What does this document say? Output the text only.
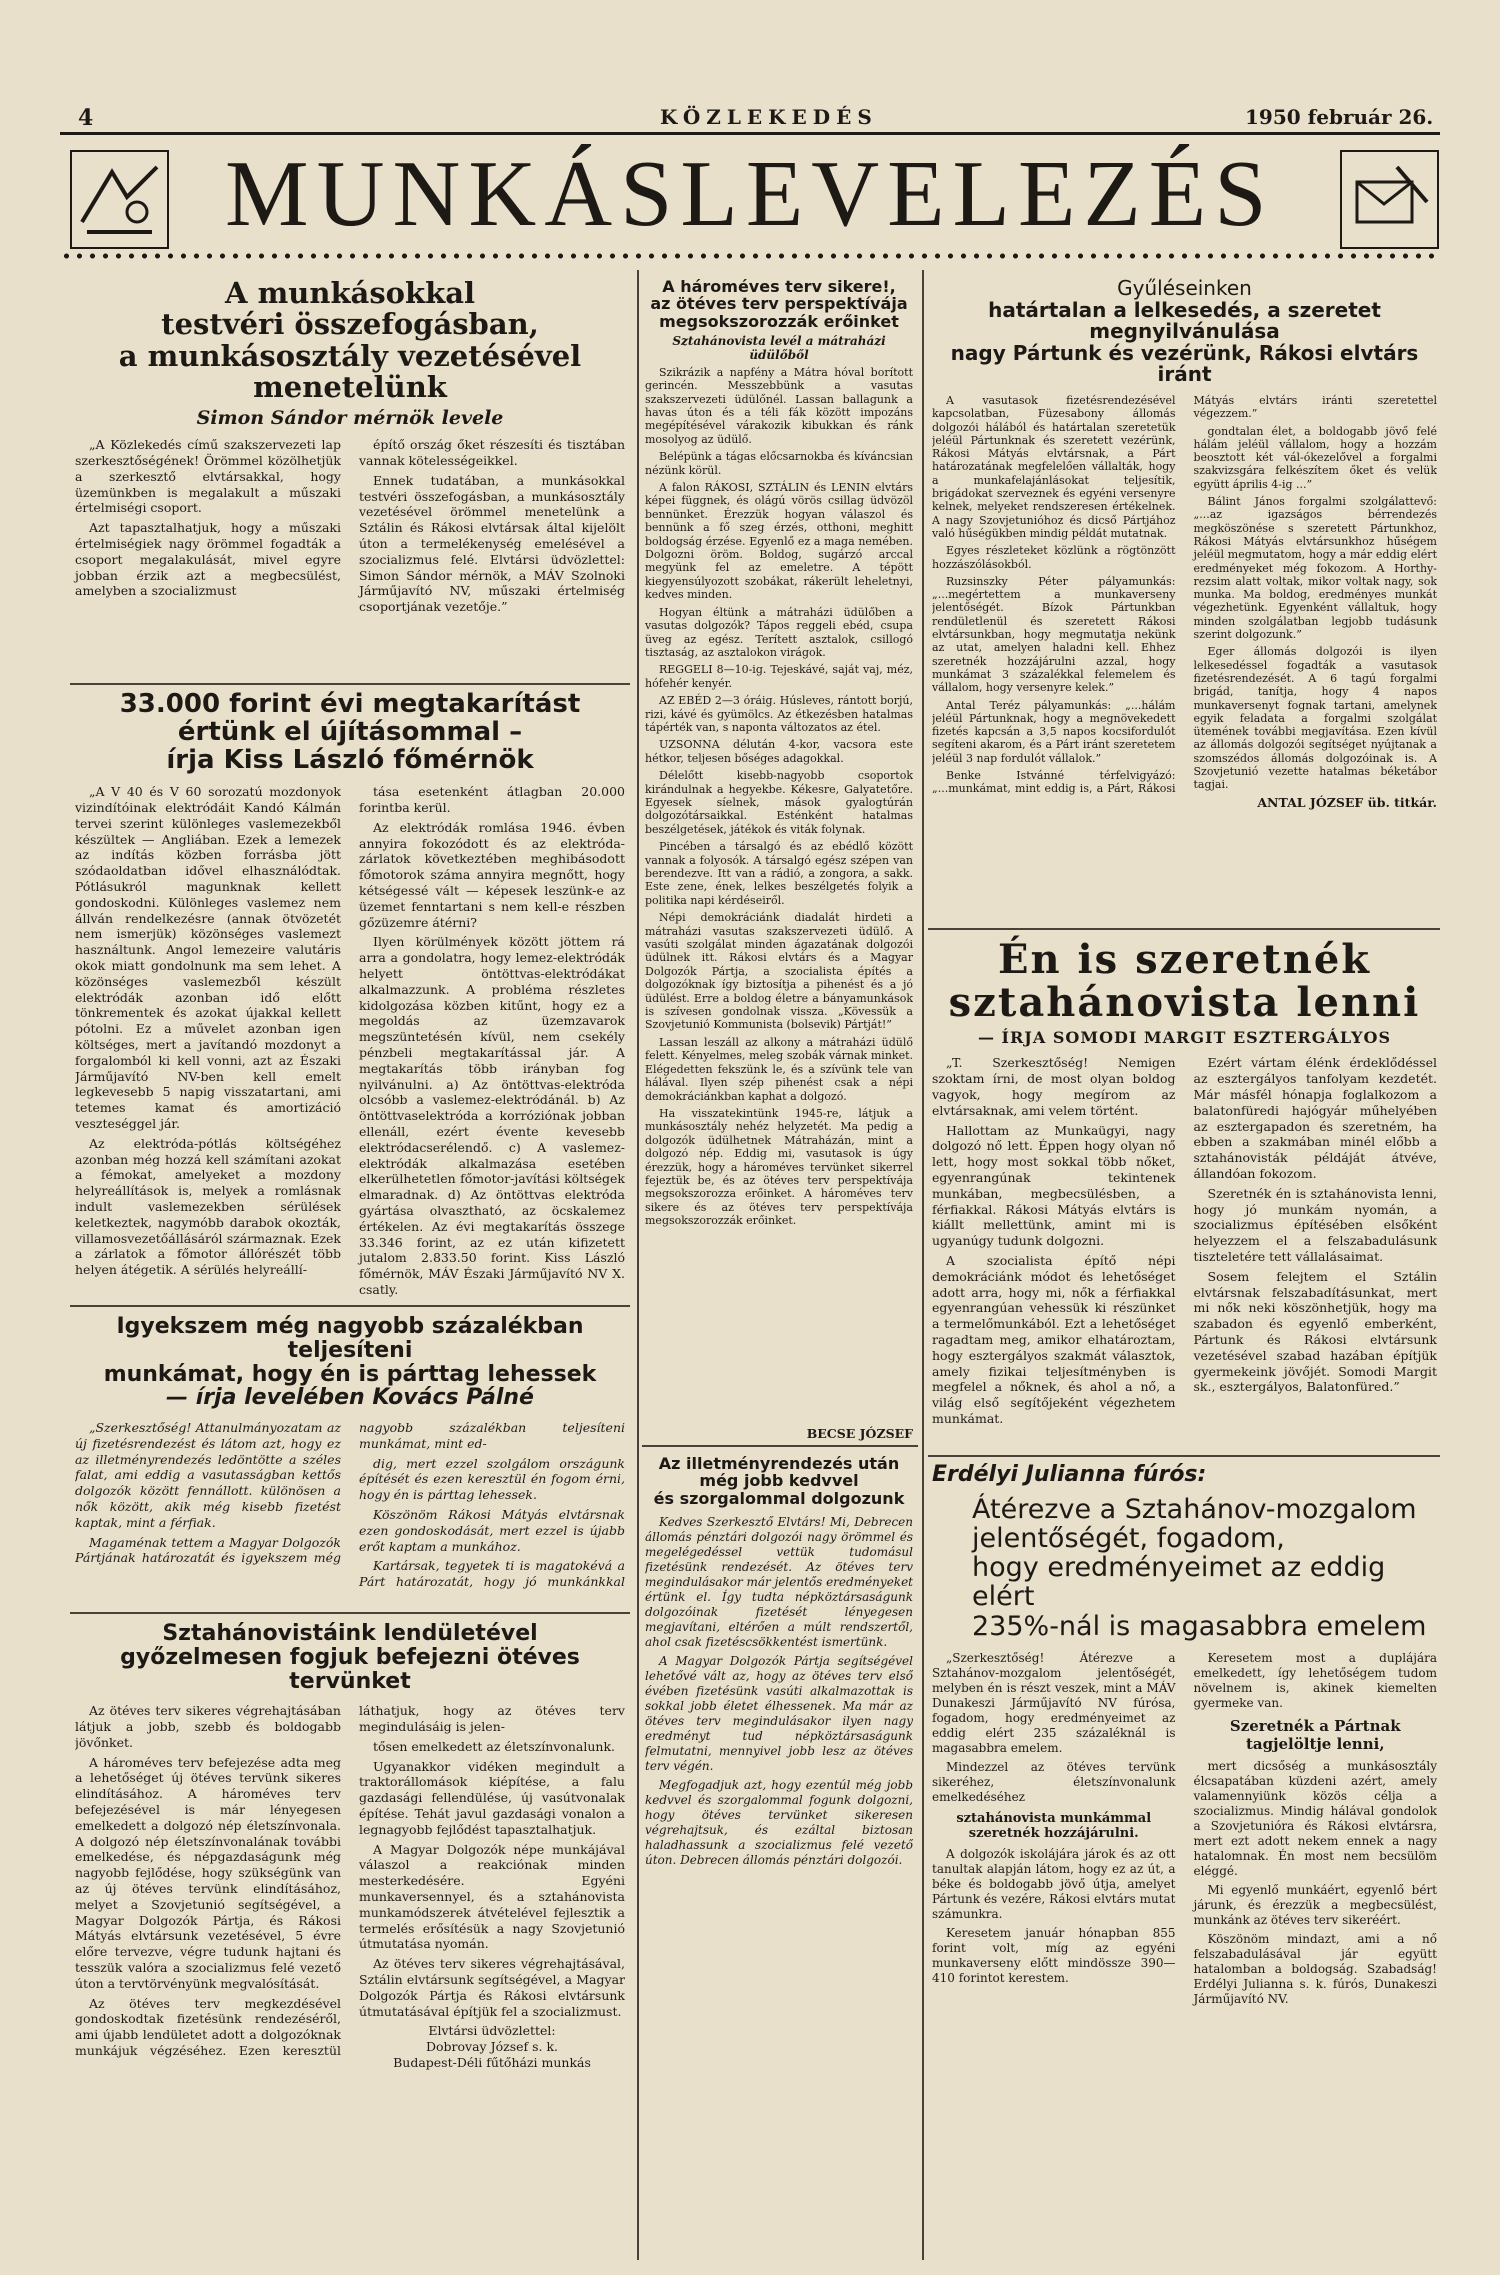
4	KÖZLEKEDÉS	1950 február 26.
MUNKÁSLEVELEZÉS
A munkásokkal
testvéri összefogásban,
a munkásosztály vezetésével
menetelünk
Simon Sándor mérnök levele

„A Közlekedés című szakszervezeti lap szerkesztőségének! Örömmel közölhetjük a szerkesztő elvtársakkal, hogy üzemünkben is megalakult a műszaki értelmiségi csoport.

Azt tapasztalhatjuk, hogy a műszaki értelmiségiek nagy örömmel fogadták a csoport megalakulását, mivel egyre jobban érzik azt a megbecsülést, amelyben a szocializmust

építő ország őket részesíti és tisztában vannak kötelességeikkel.

Ennek tudatában, a munkásokkal testvéri összefogásban, a munkásosztály vezetésével örömmel menetelünk a Sztálin és Rákosi elvtársak által kijelölt úton a termelékenység emelésével a szocializmus felé. Elvtársi üdvözlettel: Simon Sándor mérnök, a MÁV Szolnoki Járműjavító NV, műszaki értelmiség csoportjának vezetője.”

33.000 forint évi megtakarítást
értünk el újításommal –
írja Kiss László főmérnök

„A V 40 és V 60 sorozatú mozdonyok vizindítóinak elektródáit Kandó Kálmán tervei szerint különleges vaslemezekből készültek — Angliában. Ezek a lemezek az indítás közben forrásba jött szódaoldatban idővel elhasználódtak. Pótlásukról magunknak kellett gondoskodni. Különleges vaslemez nem állván rendelkezésre (annak ötvözetét nem ismerjük) közönséges vaslemezt használtunk. Angol lemezeire valutáris okok miatt gondolnunk ma sem lehet. A közönséges vaslemezből készült elektródák azonban idő előtt tönkrementek és azokat újakkal kellett pótolni. Ez a művelet azonban igen költséges, mert a javítandó mozdonyt a forgalomból ki kell vonni, azt az Északi Járműjavító NV-ben kell emelt legkevesebb 5 napig visszatartani, ami tetemes kamat és amortizáció veszteséggel jár.

Az elektróda-pótlás költségéhez azonban még hozzá kell számítani azokat a fémokat, amelyeket a mozdony helyreállítások is, melyek a romlásnak indult vaslemezekben sérülések keletkeztek, nagymóbb darabok okozták, villamosvezetőállásáról származnak. Ezek a zárlatok a főmotor állórészét több helyen átégetik. A sérülés helyreállí-

tása esetenként átlagban 20.000 forintba kerül.

Az elektródák romlása 1946. évben annyira fokozódott és az elektróda-zárlatok következtében meghibásodott főmotorok száma annyira megnőtt, hogy kétségessé vált — képesek leszünk-e az üzemet fenntartani s nem kell-e részben gőzüzemre átérni?

Ilyen körülmények között jöttem rá arra a gondolatra, hogy lemez-elektródák helyett öntöttvas-elektródákat alkalmazzunk. A probléma részletes kidolgozása közben kitűnt, hogy ez a megoldás az üzemzavarok megszüntetésén kívül, nem csekély pénzbeli megtakarítással jár. A megtakarítás több irányban fog nyilvánulni. a) Az öntöttvas-elektróda olcsóbb a vaslemez-elektródánál. b) Az öntöttvaselektróda a korróziónak jobban ellenáll, ezért évente kevesebb elektródacserélendő. c) A vaslemez-elektródák alkalmazása esetében elkerülhetetlen főmotor-javítási költségek elmaradnak. d) Az öntöttvas elektróda gyártása olvasztható, az öcskalemez értékelen. Az évi megtakarítás összege 33.346 forint, az ez után kifizetett jutalom 2.833.50 forint. Kiss László főmérnök, MÁV Északi Járműjavító NV X. csatly.

Igyekszem még nagyobb százalékban teljesíteni
munkámat, hogy én is párttag lehessek
— írja levelében Kovács Pálné

„Szerkesztőség! Attanulmányozatam az új fizetésrendezést és látom azt, hogy ez az illetményrendezés ledöntötte a széles falat, ami eddig a vasutasságban kettős dolgozók között fennállott. különösen a nők között, akik még kisebb fizetést kaptak, mint a férfiak.

Magaménak tettem a Magyar Dolgozók Pártjának határozatát és igyekszem még nagyobb százalékban teljesíteni munkámat, mint ed-

dig, mert ezzel szolgálom országunk építését és ezen keresztül én fogom érni, hogy én is párttag lehessek.

Köszönöm Rákosi Mátyás elvtársnak ezen gondoskodását, mert ezzel is újabb erőt kaptam a munkához.

Kartársak, tegyetek ti is magatokévá a Párt határozatát, hogy jó munkánkkal

Sztahánovistáink lendületével
győzelmesen fogjuk befejezni ötéves tervünket

Az ötéves terv sikeres végrehajtásában látjuk a jobb, szebb és boldogabb jövőnket.

A hároméves terv befejezése adta meg a lehetőséget új ötéves tervünk sikeres elindításához. A hároméves terv befejezésével is már lényegesen emelkedett a dolgozó nép életszínvonala. A dolgozó nép életszínvonalának további emelkedése, és népgazdaságunk még nagyobb fejlődése, hogy szükségünk van az új ötéves tervünk elindításához, melyet a Szovjetunió segítségével, a Magyar Dolgozók Pártja, és Rákosi Mátyás elvtársunk vezetésével, 5 évre előre tervezve, végre tudunk hajtani és tesszük valóra a szocializmus felé vezető úton a tervtörvényünk megvalósítását.

Az ötéves terv megkezdésével gondoskodtak fizetésünk rendezéséről, ami újabb lendületet adott a dolgozóknak munkájuk végzéséhez. Ezen keresztül láthatjuk, hogy az ötéves terv megindulásáig is jelen-

tősen emelkedett az életszínvonalunk.

Ugyanakkor vidéken megindult a traktorállomások kiépítése, a falu gazdasági fellendülése, új vasútvonalak építése. Tehát javul gazdasági vonalon a legnagyobb fejlődést tapasztalhatjuk.

A Magyar Dolgozók népe munkájával válaszol a reakciónak minden mesterkedésére. Egyéni munkaversennyel, és a sztahánovista munkamódszerek átvételével fejlesztik a termelés erősítésük a nagy Szovjetunió útmutatása nyomán.

Az ötéves terv sikeres végrehajtásával, Sztálin elvtársunk segítségével, a Magyar Dolgozók Pártja és Rákosi elvtársunk útmutatásával építjük fel a szocializmust.

Elvtársi üdvözlettel:
Dobrovay József s. k.
Budapest-Déli fűtőházi munkás
A hároméves terv sikere!,
az ötéves terv perspektívája
megsokszorozzák erőinket
Sztahánovista levél a mátraházi üdülőből

Szikrázik a napfény a Mátra hóval borított gerincén. Messzebbünk a vasutas szakszervezeti üdülőnél. Lassan ballagunk a havas úton és a téli fák között impozáns megépítésével várakozik kibukkan és ránk mosolyog az üdülő.

Belépünk a tágas előcsarnokba és kíváncsian nézünk körül.

A falon RÁKOSI, SZTÁLIN és LENIN elvtárs képei függnek, és olágú vörös csillag üdvözöl bennünket. Érezzük hogyan válaszol és bennünk a fő szeg érzés, otthoni, meghitt boldogság érzése. Egyenlő ez a maga nemében. Dolgozni öröm. Boldog, sugárzó arccal megyünk fel az emeletre. A tépött kiegyensúlyozott szobákat, rákerült leheletnyi, kedves minden.

Hogyan éltünk a mátraházi üdülőben a vasutas dolgozók? Tápos reggeli ebéd, csupa üveg az egész. Terített asztalok, csillogó tisztaság, az asztalokon virágok.

REGGELI 8—10-ig. Tejeskávé, saját vaj, méz, hófehér kenyér.

AZ EBÉD 2—3 óráig. Húsleves, rántott borjú, rizi, kávé és gyümölcs. Az étkezésben hatalmas tápérték van, s naponta változatos az étel.

UZSONNA délután 4-kor, vacsora este hétkor, teljesen bőséges adagokkal.

Délelőtt kisebb-nagyobb csoportok kirándulnak a hegyekbe. Kékesre, Galyatetőre. Egyesek síelnek, mások gyalogtúrán dolgozótársaikkal. Esténként hatalmas beszélgetések, játékok és viták folynak.

Pincében a társalgó és az ebédlő között vannak a folyosók. A társalgó egész szépen van berendezve. Itt van a rádió, a zongora, a sakk. Este zene, ének, lelkes beszélgetés folyik a politika napi kérdéseiről.

Népi demokráciánk diadalát hirdeti a mátraházi vasutas szakszervezeti üdülő. A vasúti szolgálat minden ágazatának dolgozói üdülnek itt. Rákosi elvtárs és a Magyar Dolgozók Pártja, a szocialista építés a dolgozóknak így biztosítja a pihenést és a jó üdülést. Erre a boldog életre a bányamunkások is szívesen gondolnak vissza. „Kövessük a Szovjetunió Kommunista (bolsevik) Pártját!”

Lassan leszáll az alkony a mátraházi üdülő felett. Kényelmes, meleg szobák várnak minket. Elégedetten fekszünk le, és a szívünk tele van hálával. Ilyen szép pihenést csak a népi demokráciánkban kaphat a dolgozó.

Ha visszatekintünk 1945-re, látjuk a munkásosztály nehéz helyzetét. Ma pedig a dolgozók üdülhetnek Mátraházán, mint a dolgozó nép. Eddig mi, vasutasok is úgy érezzük, hogy a hároméves tervünket sikerrel fejeztük be, és az ötéves terv perspektívája megsokszorozza erőinket. A hároméves terv sikere és az ötéves terv perspektívája megsokszorozzák erőinket.

BECSE JÓZSEF
Az illetményrendezés után
még jobb kedvvel
és szorgalommal dolgozunk

Kedves Szerkesztő Elvtárs! Mi, Debrecen állomás pénztári dolgozói nagy örömmel és megelégedéssel vettük tudomásul fizetésünk rendezését. Az ötéves terv megindulásakor már jelentős eredményeket értünk el. Így tudta népköztársaságunk dolgozóinak fizetését lényegesen megjavítani, eltérően a múlt rendszertől, ahol csak fizetéscsökkentést ismertünk.

A Magyar Dolgozók Pártja segítségével lehetővé vált az, hogy az ötéves terv első évében fizetésünk vasúti alkalmazottak is sokkal jobb életet élhessenek. Ma már az ötéves terv megindulásakor ilyen nagy eredményt tud népköztársaságunk felmutatni, mennyivel jobb lesz az ötéves terv végén.

Megfogadjuk azt, hogy ezentúl még jobb kedvvel és szorgalommal fogunk dolgozni, hogy ötéves tervünket sikeresen végrehajtsuk, és ezáltal biztosan haladhassunk a szocializmus felé vezető úton. Debrecen állomás pénztári dolgozói.

Gyűléseinken
határtalan a lelkesedés, a szeretet megnyilvánulása
nagy Pártunk és vezérünk, Rákosi elvtárs iránt

A vasutasok fizetésrendezésével kapcsolatban, Füzesabony állomás dolgozói hálából és határtalan szeretetük jeléül Pártunknak és szeretett vezérünk, Rákosi Mátyás elvtársnak, a Párt határozatának megfelelően vállalták, hogy a munkafelajánlásokat teljesítik, brigádokat szerveznek és egyéni versenyre kelnek, melyeket rendszeresen értékelnek. A nagy Szovjetunióhoz és dicső Pártjához való hűségükben mindig példát mutatnak.

Egyes részleteket közlünk a rögtönzött hozzászólásokból.

Ruzsinszky Péter pályamunkás: „...megértettem a munkaverseny jelentőségét. Bízok Pártunkban rendületlenül és szeretett Rákosi elvtársunkban, hogy megmutatja nekünk az utat, amelyen haladni kell. Ehhez szeretnék hozzájárulni azzal, hogy munkámat 3 százalékkal felemelem és vállalom, hogy versenyre kelek.”

Antal Teréz pályamunkás: „...hálám jeléül Pártunknak, hogy a megnövekedett fizetés kapcsán a 3,5 napos kocsifordulót segíteni akarom, és a Párt iránt szeretetem jeléül 3 nap fordulót vállalok.”

Benke Istvánné térfelvigyázó: „...munkámat, mint eddig is, a Párt, Rákosi Mátyás elvtárs iránti szeretettel végezzem.”

gondtalan élet, a boldogabb jövő felé hálám jeléül vállalom, hogy a hozzám beosztott két vál-ókezelővel a forgalmi szakvizsgára felkészítem őket és velük együtt április 4-ig ...”

Bálint János forgalmi szolgálattevő: „...az igazságos bérrendezés megköszönése s szeretett Pártunkhoz, Rákosi Mátyás elvtársunkhoz hűségem jeléül megmutatom, hogy a már eddig elért eredményeket még fokozom. A Horthy-rezsim alatt voltak, mikor voltak nagy, sok munka. Ma boldog, eredményes munkát végezhetünk. Egyenként vállaltuk, hogy minden szolgálatban legjobb tudásunk szerint dolgozunk.”

Eger állomás dolgozói is ilyen lelkesedéssel fogadták a vasutasok fizetésrendezését. A 6 tagú forgalmi brigád, tanítja, hogy 4 napos munkaversenyt fognak tartani, amelynek egyik feladata a forgalmi szolgálat ütemének további megjavítása. Ezen kívül az állomás dolgozói segítséget nyújtanak a szomszédos állomás dolgozóinak is. A Szovjetunió vezette hatalmas béketábor tagjai.

ANTAL JÓZSEF üb. titkár.
Én is szeretnék
sztahánovista lenni
— ÍRJA SOMODI MARGIT ESZTERGÁLYOS

„T. Szerkesztőség! Nemigen szoktam írni, de most olyan boldog vagyok, hogy megírom az elvtársaknak, ami velem történt.

Hallottam az Munkaügyi, nagy dolgozó nő lett. Éppen hogy olyan nő lett, hogy most sokkal több nőket, egyenrangúnak tekintenek munkában, megbecsülésben, a férfiakkal. Rákosi Mátyás elvtárs is kiállt mellettünk, amint mi is ugyanúgy tudunk dolgozni.

A szocialista építő népi demokráciánk módot és lehetőséget adott arra, hogy mi, nők a férfiakkal egyenrangúan vehessük ki részünket a termelőmunkából. Ezt a lehetőséget ragadtam meg, amikor elhatároztam, hogy esztergályos szakmát választok, amely fizikai teljesítményben is megfelel a nőknek, és ahol a nő, a világ első segítőjeként végezhetem munkámat.

Ezért vártam élénk érdeklődéssel az esztergályos tanfolyam kezdetét. Már másfél hónapja foglalkozom a balatonfüredi hajógyár műhelyében az esztergapadon és szeretném, ha ebben a szakmában minél előbb a sztahánovisták példáját átvéve, állandóan fokozom.

Szeretnék én is sztahánovista lenni, hogy jó munkám nyomán, a szocializmus építésében elsőként helyezzem el a felszabadulásunk tiszteletére tett vállalásaimat.

Sosem felejtem el Sztálin elvtársnak felszabadításunkat, mert mi nők neki köszönhetjük, hogy ma szabadon és egyenlő emberként, Pártunk és Rákosi elvtársunk vezetésével szabad hazában építjük gyermekeink jövőjét. Somodi Margit sk., esztergályos, Balatonfüred.”

Erdélyi Julianna fúrós:
Átérezve a Sztahánov-mozgalom
jelentőségét, fogadom,
hogy eredményeimet az eddig elért
235%-nál is magasabbra emelem

„Szerkesztőség! Átérezve a Sztahánov-mozgalom jelentőségét, melyben én is részt veszek, mint a MÁV Dunakeszi Járműjavító NV fúrósa, fogadom, hogy eredményeimet az eddig elért 235 százaléknál is magasabbra emelem.

Mindezzel az ötéves tervünk sikeréhez, életszínvonalunk emelkedéséhez

sztahánovista munkámmal szeretnék hozzájárulni.

A dolgozók iskolájára járok és az ott tanultak alapján látom, hogy ez az út, a béke és boldogabb jövő útja, amelyet Pártunk és vezére, Rákosi elvtárs mutat számunkra.

Keresetem január hónapban 855 forint volt, míg az egyéni munkaverseny előtt mindössze 390—410 forintot kerestem.

Keresetem most a duplájára emelkedett, így lehetőségem tudom növelnem is, akinek kiemelten gyermeke van.

Szeretnék a Pártnak tagjelöltje lenni,

mert dicsőség a munkásosztály élcsapatában küzdeni azért, amely valamennyiünk közös célja a szocializmus. Mindig hálával gondolok a Szovjetunióra és Rákosi elvtársra, mert ezt adott nekem ennek a nagy hatalomnak. Én most nem becsülöm eléggé.

Mi egyenlő munkáért, egyenlő bért járunk, és érezzük a megbecsülést, munkánk az ötéves terv sikeréért.

Köszönöm mindazt, ami a nő felszabadulásával jár együtt hatalomban a boldogság. Szabadság! Erdélyi Julianna s. k. fúrós, Dunakeszi Járműjavító NV.
